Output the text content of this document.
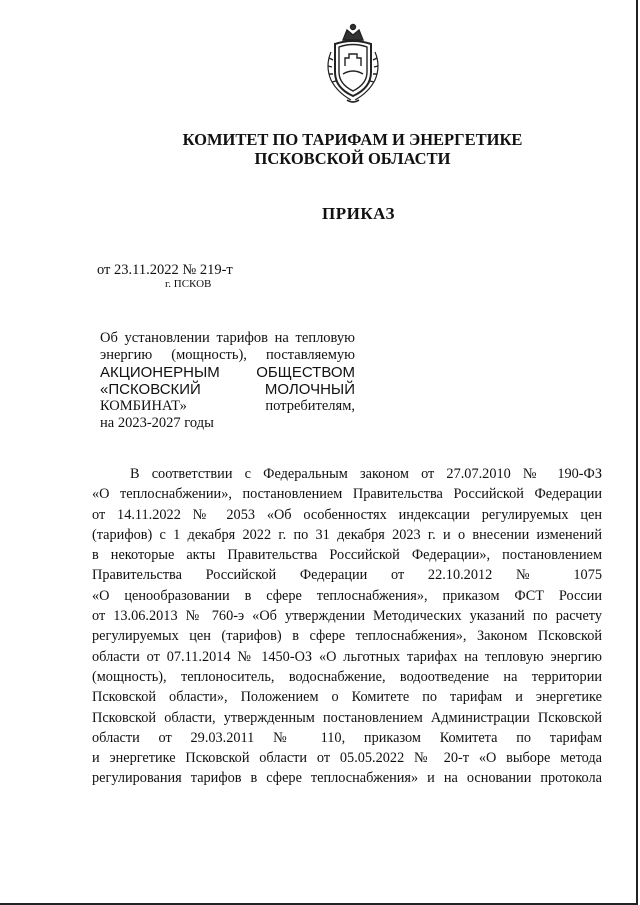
КОМИТЕТ ПО ТАРИФАМ И ЭНЕРГЕТИКЕ
ПСКОВСКОЙ ОБЛАСТИ
ПРИКАЗ
от 23.11.2022 № 219-т
г. ПСКОВ
Об установлении тарифов на тепловую
энергию (мощность), поставляемую
АКЦИОНЕРНЫМ ОБЩЕСТВОМ
«ПСКОВСКИЙ МОЛОЧНЫЙ
КОМБИНАТ» потребителям,
на 2023-2027 годы
В соответствии с Федеральным законом от 27.07.2010 № 190-ФЗ
«О теплоснабжении», постановлением Правительства Российской Федерации
от 14.11.2022 № 2053 «Об особенностях индексации регулируемых цен
(тарифов) с 1 декабря 2022 г. по 31 декабря 2023 г. и о внесении изменений
в некоторые акты Правительства Российской Федерации», постановлением
Правительства Российской Федерации от 22.10.2012 № 1075
«О ценообразовании в сфере теплоснабжения», приказом ФСТ России
от 13.06.2013 № 760-э «Об утверждении Методических указаний по расчету
регулируемых цен (тарифов) в сфере теплоснабжения», Законом Псковской
области от 07.11.2014 № 1450-ОЗ «О льготных тарифах на тепловую энергию
(мощность), теплоноситель, водоснабжение, водоотведение на территории
Псковской области», Положением о Комитете по тарифам и энергетике
Псковской области, утвержденным постановлением Администрации Псковской
области от 29.03.2011 № 110, приказом Комитета по тарифам
и энергетике Псковской области от 05.05.2022 № 20-т «О выборе метода
регулирования тарифов в сфере теплоснабжения» и на основании протокола
